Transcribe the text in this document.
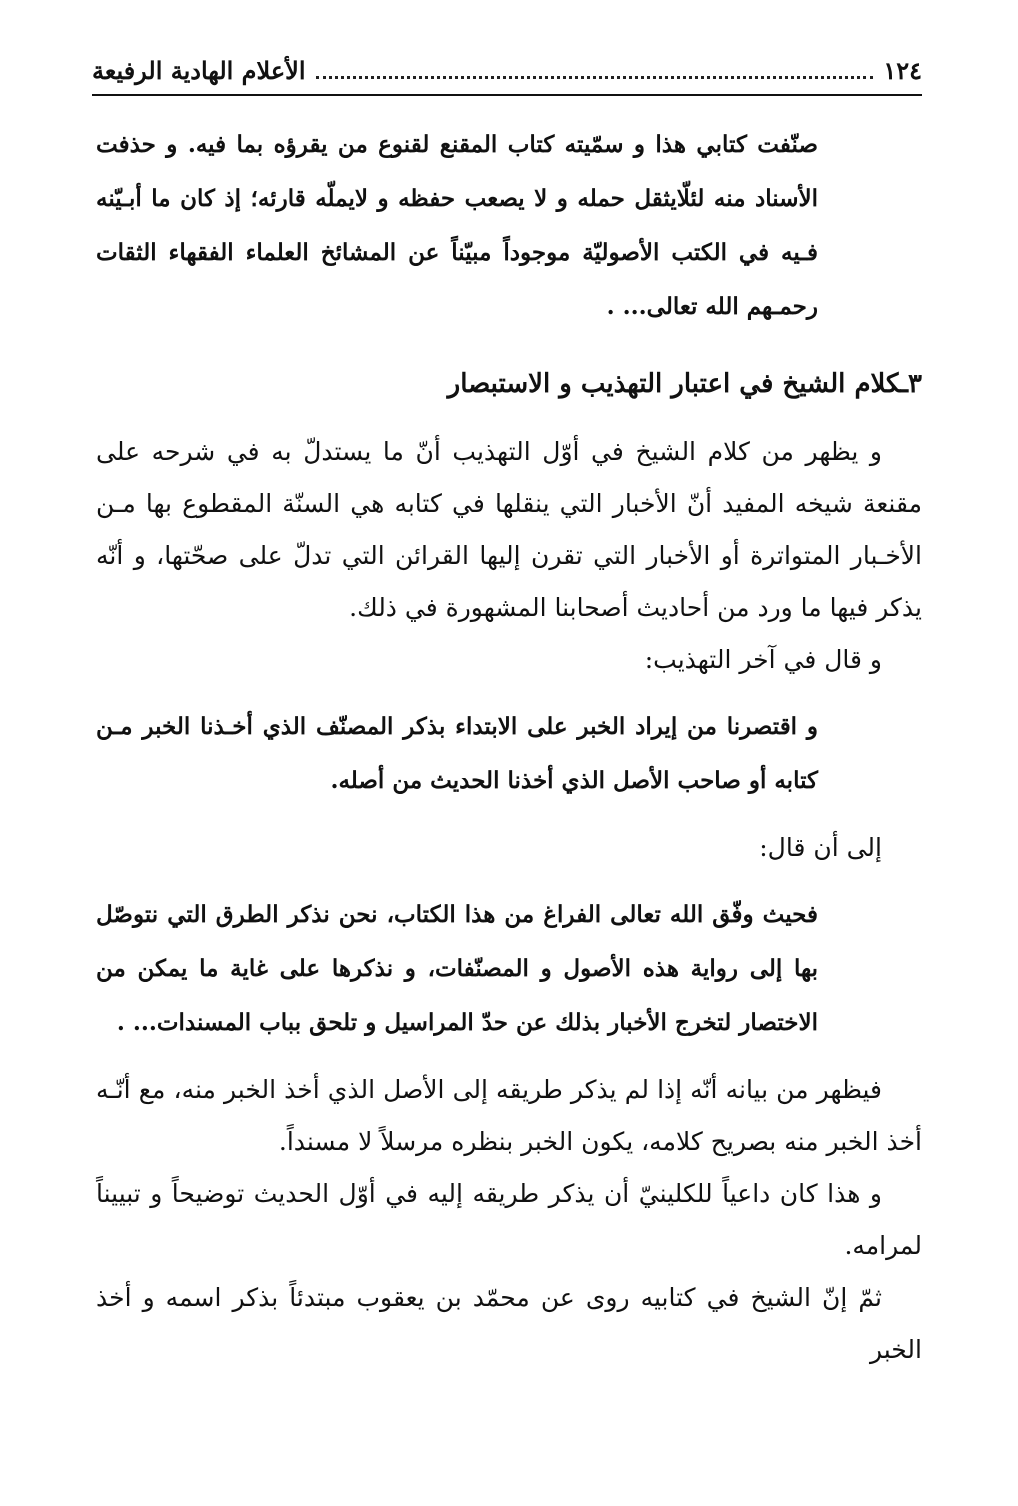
١٢٤
الأعلام الهادية الرفيعة

صنّفت كتابي هذا و سمّيته كتاب المقنع لقنوع من يقرؤه بما فيه. و حذفت الأسناد منه لئلّايثقل حمله و لا يصعب حفظه و لايملّه قارئه؛ إذ كان ما أبـيّنه فـيه في الكتب الأصوليّة موجوداً مبيّناً عن المشائخ العلماء الفقهاء الثقات رحمـهم الله تعالى... .

٣ـكلام الشيخ في اعتبار التهذيب و الاستبصار

و يظهر من كلام الشيخ في أوّل التهذيب أنّ ما يستدلّ به في شرحه على مقنعة شيخه المفيد أنّ الأخبار التي ينقلها في كتابه هي السنّة المقطوع بها مـن الأخـبار المتواترة أو الأخبار التي تقرن إليها القرائن التي تدلّ على صحّتها، و أنّه يذكر فيها ما ورد من أحاديث أصحابنا المشهورة في ذلك.

و قال في آخر التهذيب:

و اقتصرنا من إيراد الخبر على الابتداء بذكر المصنّف الذي أخـذنا الخبر مـن كتابه أو صاحب الأصل الذي أخذنا الحديث من أصله.

إلى أن قال:

فحيث وفّق الله تعالى الفراغ من هذا الكتاب، نحن نذكر الطرق التي نتوصّل بها إلى رواية هذه الأصول و المصنّفات، و نذكرها على غاية ما يمكن من الاختصار لتخرج الأخبار بذلك عن حدّ المراسيل و تلحق بباب المسندات... .

فيظهر من بيانه أنّه إذا لم يذكر طريقه إلى الأصل الذي أخذ الخبر منه، مع أنّـه أخذ الخبر منه بصريح كلامه، يكون الخبر بنظره مرسلاً لا مسنداً.

و هذا كان داعياً للكلينيّ أن يذكر طريقه إليه في أوّل الحديث توضيحاً و تبييناً لمرامه.

ثمّ إنّ الشيخ في كتابيه روى عن محمّد بن يعقوب مبتدئاً بذكر اسمه و أخذ الخبر
